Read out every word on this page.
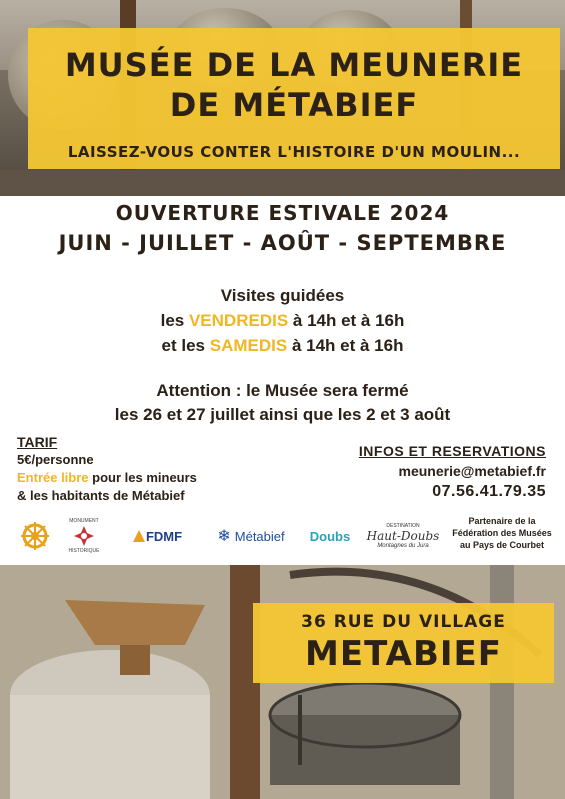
MUSÉE DE LA MEUNERIE
DE MÉTABIEF
LAISSEZ-VOUS CONTER L'HISTOIRE D'UN MOULIN...
OUVERTURE ESTIVALE 2024
JUIN - JUILLET - AOÛT - SEPTEMBRE
Visites guidées
les VENDREDIS à 14h et à 16h
et les SAMEDIS à 14h et à 16h
Attention : le Musée sera fermé
les 26 et 27 juillet ainsi que les 2 et 3 août
TARIF
5€/personne
Entrée libre pour les mineurs
& les habitants de Métabief
INFOS ET RESERVATIONS
meunerie@metabief.fr
07.56.41.79.35
MONUMENT
HISTORIQUE
FDMF ❄ Métabief Doubs
DESTINATION
Haut-Doubs
Montagnes du Jura
Partenaire de la
Fédération des Musées
au Pays de Courbet
36 RUE DU VILLAGE
METABIEF
